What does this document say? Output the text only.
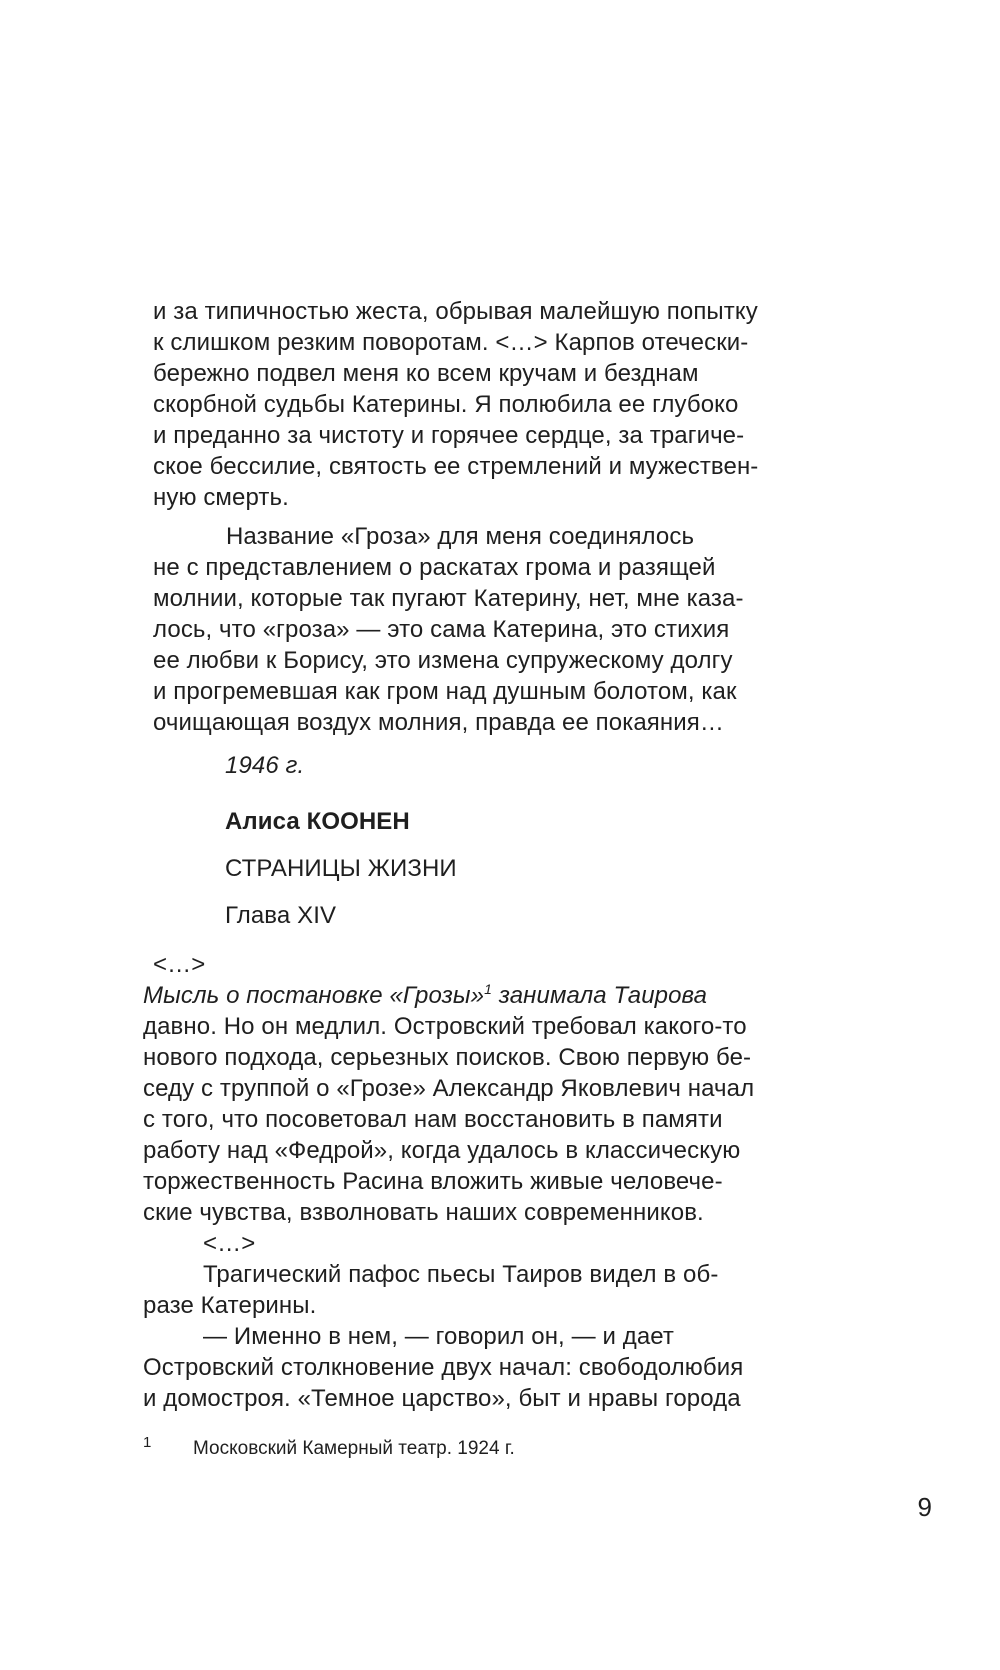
и за типичностью жеста, обрывая малейшую попытку
к слишком резким поворотам. <…> Карпов отечески-
бережно подвел меня ко всем кручам и безднам
скорбной судьбы Катерины. Я полюбила ее глубоко
и преданно за чистоту и горячее сердце, за трагиче-
ское бессилие, святость ее стремлений и мужествен-
ную смерть.
Название «Гроза» для меня соединялось
не с представлением о раскатах грома и разящей
молнии, которые так пугают Катерину, нет, мне каза-
лось, что «гроза» — это сама Катерина, это стихия
ее любви к Борису, это измена супружескому долгу
и прогремевшая как гром над душным болотом, как
очищающая воздух молния, правда ее покаяния…
1946 г.
Алиса КООНЕН
СТРАНИЦЫ ЖИЗНИ
Глава XIV
<…>
Мысль о постановке «Грозы»$^1$ занимала Таирова
давно. Но он медлил. Островский требовал какого-то
нового подхода, серьезных поисков. Свою первую бе-
седу с труппой о «Грозе» Александр Яковлевич начал
с того, что посоветовал нам восстановить в памяти
работу над «Федрой», когда удалось в классическую
торжественность Расина вложить живые человече-
ские чувства, взволновать наших современников.
<…>
Трагический пафос пьесы Таиров видел в об-
разе Катерины.
— Именно в нем, — говорил он, — и дает
Островский столкновение двух начал: свободолюбия
и домостроя. «Темное царство», быт и нравы города
1 Московский Камерный театр. 1924 г.
9
